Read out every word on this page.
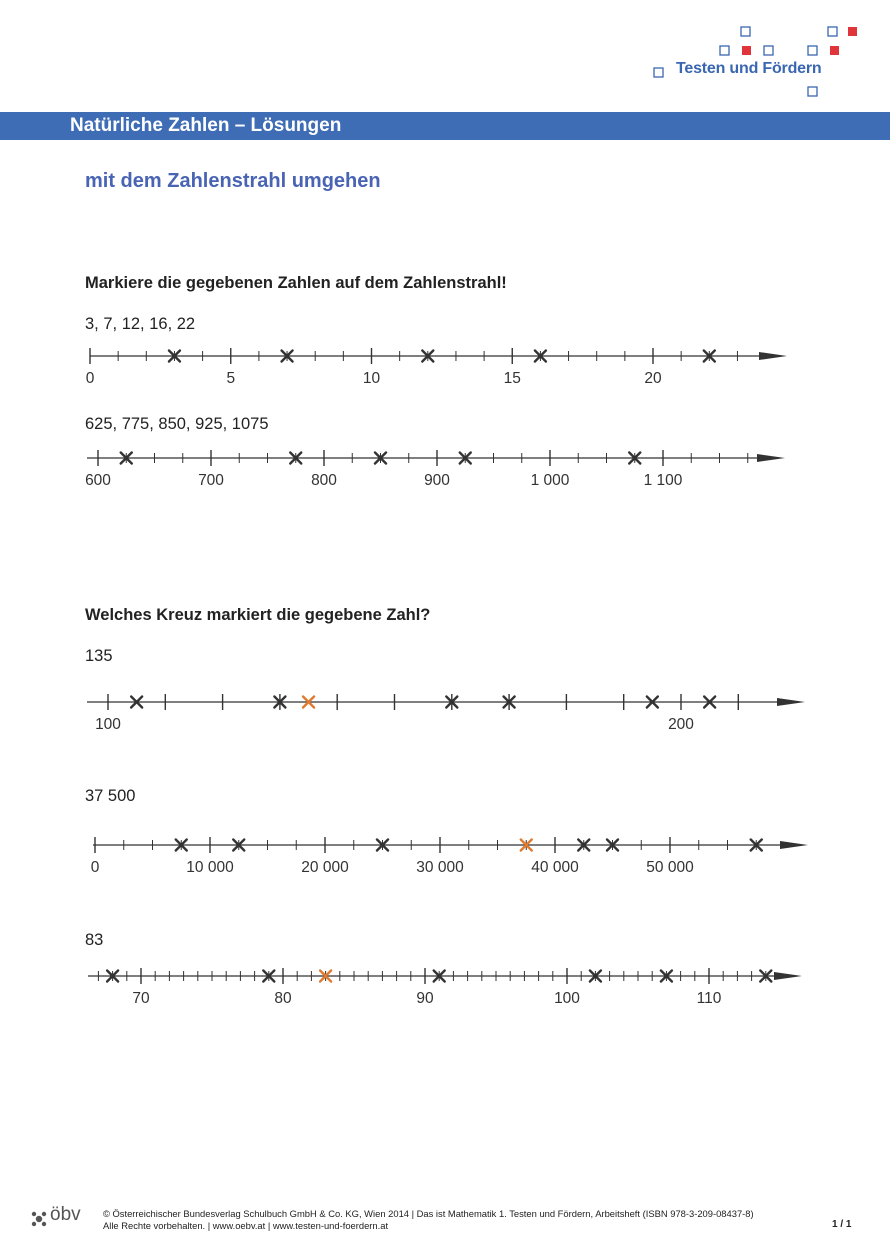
Testen und Fördern
Natürliche Zahlen – Lösungen
mit dem Zahlenstrahl umgehen
Markiere die gegebenen Zahlen auf dem Zahlenstrahl!
3, 7, 12, 16, 22
0	5	10	15	20
625, 775, 850, 925, 1075
600	700	800	900	1 000	1 100
Welches Kreuz markiert die gegebene Zahl?
135
100	200
37 500
0	10 000	20 000	30 000	40 000	50 000
83
70	80	90	100	110
öbv © Österreichischer Bundesverlag Schulbuch GmbH & Co. KG, Wien 2014 | Das ist Mathematik 1. Testen und Fördern, Arbeitsheft (ISBN 978-3-209-08437-8)
Alle Rechte vorbehalten. | www.oebv.at | www.testen-und-foerdern.at	1 / 1
